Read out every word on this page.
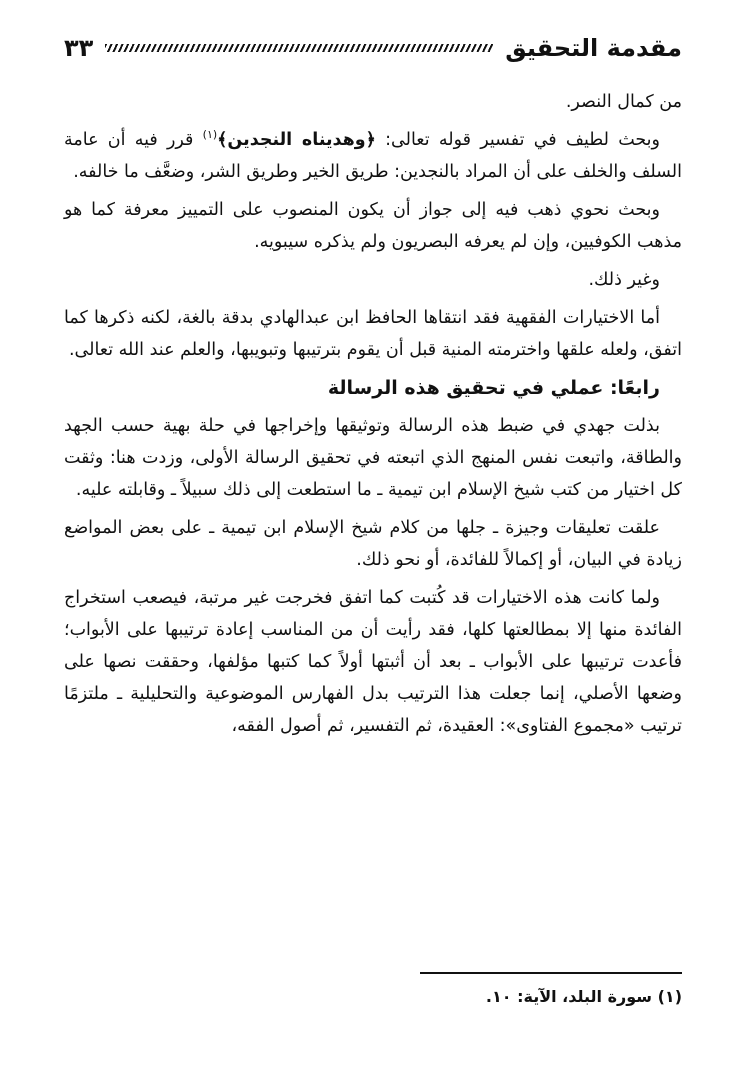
مقدمة التحقيق
٣٣

من كمال النصر.

وبحث لطيف في تفسير قوله تعالى: ﴿وهديناه النجدين﴾$^{(١)}$ قرر فيه أن عامة السلف والخلف على أن المراد بالنجدين: طريق الخير وطريق الشر، وضعَّف ما خالفه.

وبحث نحوي ذهب فيه إلى جواز أن يكون المنصوب على التمييز معرفة كما هو مذهب الكوفيين، وإن لم يعرفه البصريون ولم يذكره سيبويه.

وغير ذلك.

أما الاختيارات الفقهية فقد انتقاها الحافظ ابن عبدالهادي بدقة بالغة، لكنه ذكرها كما اتفق، ولعله علقها واخترمته المنية قبل أن يقوم بترتيبها وتبويبها، والعلم عند الله تعالى.

رابعًا: عملي في تحقيق هذه الرسالة

بذلت جهدي في ضبط هذه الرسالة وتوثيقها وإخراجها في حلة بهية حسب الجهد والطاقة، واتبعت نفس المنهج الذي اتبعته في تحقيق الرسالة الأولى، وزدت هنا: وثقت كل اختيار من كتب شيخ الإسلام ابن تيمية ـ ما استطعت إلى ذلك سبيلاً ـ وقابلته عليه.

علقت تعليقات وجيزة ـ جلها من كلام شيخ الإسلام ابن تيمية ـ على بعض المواضع زيادة في البيان، أو إكمالاً للفائدة، أو نحو ذلك.

ولما كانت هذه الاختيارات قد كُتبت كما اتفق فخرجت غير مرتبة، فيصعب استخراج الفائدة منها إلا بمطالعتها كلها، فقد رأيت أن من المناسب إعادة ترتيبها على الأبواب؛ فأعدت ترتيبها على الأبواب ـ بعد أن أثبتها أولاً كما كتبها مؤلفها، وحققت نصها على وضعها الأصلي، إنما جعلت هذا الترتيب بدل الفهارس الموضوعية والتحليلية ـ ملتزمًا ترتيب «مجموع الفتاوى»: العقيدة، ثم التفسير، ثم أصول الفقه،

(١) سورة البلد، الآية: ١٠.
